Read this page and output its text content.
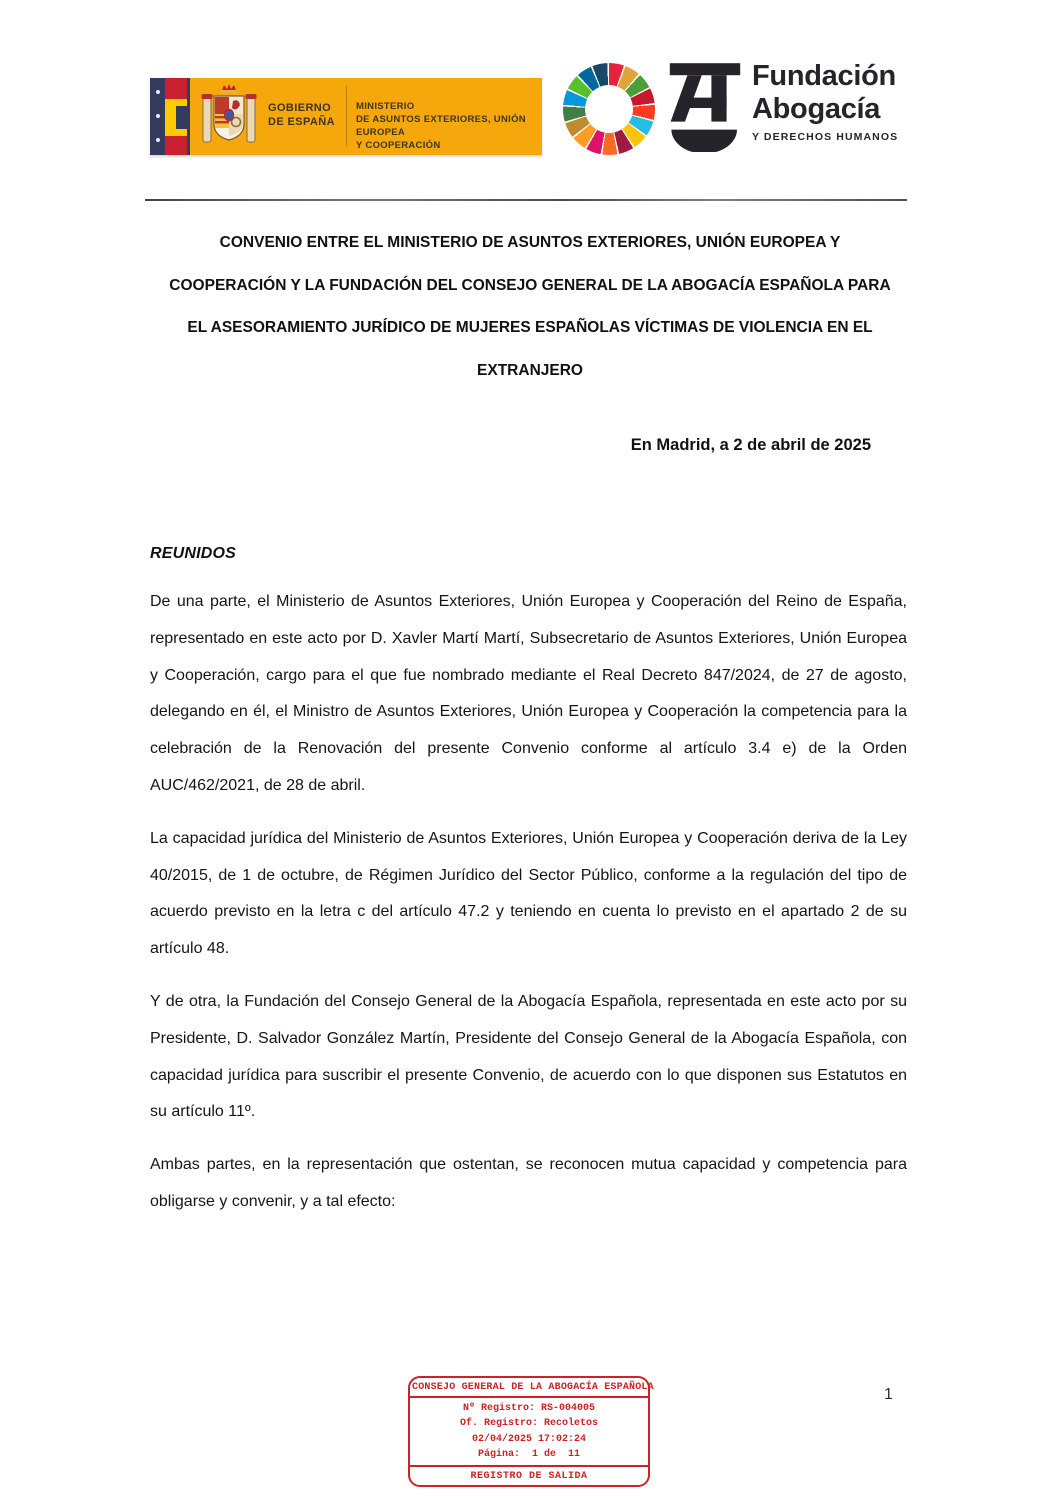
GOBIERNO
DE ESPAÑA
MINISTERIO
DE ASUNTOS EXTERIORES, UNIÓN EUROPEA
Y COOPERACIÓN
Fundación
Abogacía
Y DERECHOS HUMANOS
CONVENIO ENTRE EL MINISTERIO DE ASUNTOS EXTERIORES, UNIÓN EUROPEA Y
COOPERACIÓN Y LA FUNDACIÓN DEL CONSEJO GENERAL DE LA ABOGACÍA ESPAÑOLA PARA
EL ASESORAMIENTO JURÍDICO DE MUJERES ESPAÑOLAS VÍCTIMAS DE VIOLENCIA EN EL
EXTRANJERO
En Madrid, a 2 de abril de 2025
REUNIDOS

De una parte, el Ministerio de Asuntos Exteriores, Unión Europea y Cooperación del Reino de España, representado en este acto por D. Xavler Martí Martí, Subsecretario de Asuntos Exteriores, Unión Europea y Cooperación, cargo para el que fue nombrado mediante el Real Decreto 847/2024, de 27 de agosto, delegando en él, el Ministro de Asuntos Exteriores, Unión Europea y Cooperación la competencia para la celebración de la Renovación del presente Convenio conforme al artículo 3.4 e) de la Orden AUC/462/2021, de 28 de abril.

La capacidad jurídica del Ministerio de Asuntos Exteriores, Unión Europea y Cooperación deriva de la Ley 40/2015, de 1 de octubre, de Régimen Jurídico del Sector Público, conforme a la regulación del tipo de acuerdo previsto en la letra c del artículo 47.2 y teniendo en cuenta lo previsto en el apartado 2 de su artículo 48.

Y de otra, la Fundación del Consejo General de la Abogacía Española, representada en este acto por su Presidente, D. Salvador González Martín, Presidente del Consejo General de la Abogacía Española, con capacidad jurídica para suscribir el presente Convenio, de acuerdo con lo que disponen sus Estatutos en su artículo 11º.

Ambas partes, en la representación que ostentan, se reconocen mutua capacidad y competencia para obligarse y convenir, y a tal efecto:

CONSEJO GENERAL DE LA ABOGACÍA ESPAÑOLA
Nº Registro: RS-004005
Of. Registro: Recoletos
02/04/2025 17:02:24
Página:  1 de  11
REGISTRO DE SALIDA
1
